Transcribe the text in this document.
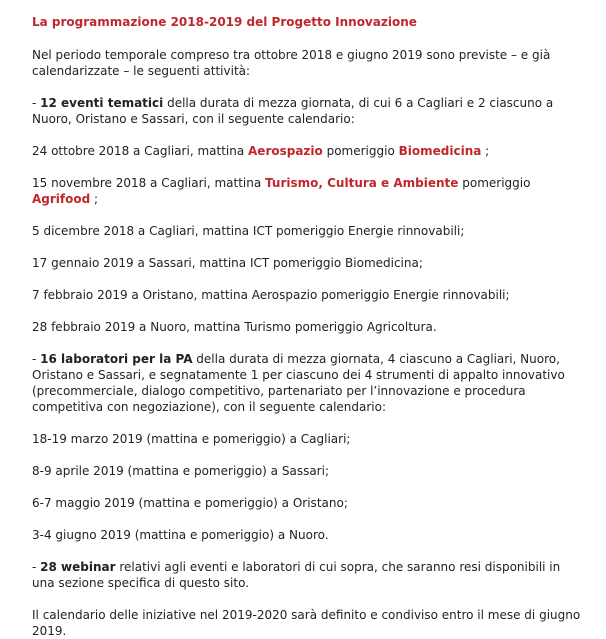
La programmazione 2018-2019 del Progetto Innovazione

Nel periodo temporale compreso tra ottobre 2018 e giugno 2019 sono previste – e già calendarizzate – le seguenti attività:

- 12 eventi tematici della durata di mezza giornata, di cui 6 a Cagliari e 2 ciascuno a Nuoro, Oristano e Sassari, con il seguente calendario:

24 ottobre 2018 a Cagliari, mattina Aerospazio pomeriggio Biomedicina ;

15 novembre 2018 a Cagliari, mattina Turismo, Cultura e Ambiente pomeriggio Agrifood ;

5 dicembre 2018 a Cagliari, mattina ICT pomeriggio Energie rinnovabili;

17 gennaio 2019 a Sassari, mattina ICT pomeriggio Biomedicina;

7 febbraio 2019 a Oristano, mattina Aerospazio pomeriggio Energie rinnovabili;

28 febbraio 2019 a Nuoro, mattina Turismo pomeriggio Agricoltura.

- 16 laboratori per la PA della durata di mezza giornata, 4 ciascuno a Cagliari, Nuoro, Oristano e Sassari, e segnatamente 1 per ciascuno dei 4 strumenti di appalto innovativo (precommerciale, dialogo competitivo, partenariato per l’innovazione e procedura competitiva con negoziazione), con il seguente calendario:

18-19 marzo 2019 (mattina e pomeriggio) a Cagliari;

8-9 aprile 2019 (mattina e pomeriggio) a Sassari;

6-7 maggio 2019 (mattina e pomeriggio) a Oristano;

3-4 giugno 2019 (mattina e pomeriggio) a Nuoro.

- 28 webinar relativi agli eventi e laboratori di cui sopra, che saranno resi disponibili in una sezione specifica di questo sito.

Il calendario delle iniziative nel 2019-2020 sarà definito e condiviso entro il mese di giugno 2019.
